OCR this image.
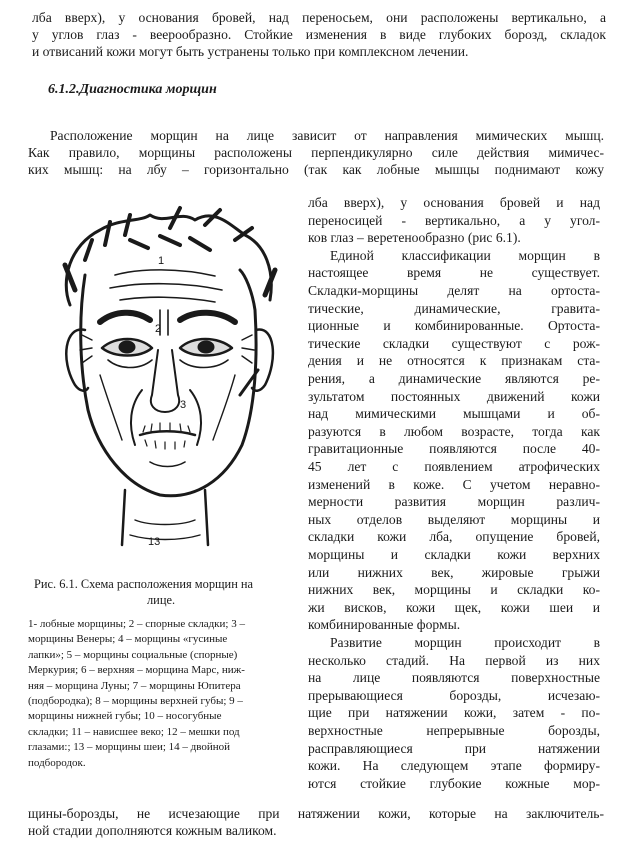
лба вверх), у основания бровей, над переносьем, они расположены вертикально, а
у углов глаз - веерообразно. Стойкие изменения в виде глубоких борозд, складок
и отвисаний кожи могут быть устранены только при комплексном лечении.
6.1.2.Диагностика морщин
Расположение морщин на лице зависит от направления мимических мышц.
Как правило, морщины расположены перпендикулярно силе действия мимичес-
ких мышц: на лбу – горизонтально (так как лобные мышцы поднимают кожу
лба вверх), у основания бровей и над
переносицей - вертикально, а у угол-
ков глаз – веретенообразно (рис 6.1).
Единой классификации морщин в
настоящее время не существует.
Складки-морщины делят на ортоста-
тические, динамические, гравита-
ционные и комбинированные. Ортоста-
тические складки существуют с рож-
дения и не относятся к признакам ста-
рения, а динамические являются ре-
зультатом постоянных движений кожи
над мимическими мышцами и об-
разуются в любом возрасте, тогда как
гравитационные появляются после 40-
45 лет с появлением атрофических
изменений в коже. С учетом неравно-
мерности развития морщин различ-
ных отделов выделяют морщины и
складки кожи лба, опущение бровей,
морщины и складки кожи верхних
или нижних век, жировые грыжи
нижних век, морщины и складки ко-
жи висков, кожи щек, кожи шеи и
комбинированные формы.
Развитие морщин происходит в
несколько стадий. На первой из них
на лице появляются поверхностные
прерывающиеся борозды, исчезаю-
щие при натяжении кожи, затем - по-
верхностные непрерывные борозды,
расправляющиеся при натяжении
кожи. На следующем этапе формиру-
ются стойкие глубокие кожные мор-
щины-борозды, не исчезающие при натяжении кожи, которые на заключитель-
ной стадии дополняются кожным валиком.
1
2
3
13
Рис. 6.1. Схема расположения морщин на
лице.
1- лобные морщины; 2 – спорные складки; 3 –
морщины Венеры; 4 – морщины «гусиные
лапки»; 5 – морщины социальные (спорные)
Меркурия; 6 – верхняя – морщина Марс, ниж-
няя – морщина Луны; 7 – морщины Юпитера
(подбородка); 8 – морщины верхней губы; 9 –
морщины нижней губы; 10 – носогубные
складки; 11 – нависшее веко; 12 – мешки под
глазами:; 13 – морщины шеи; 14 – двойной
подбородок.
